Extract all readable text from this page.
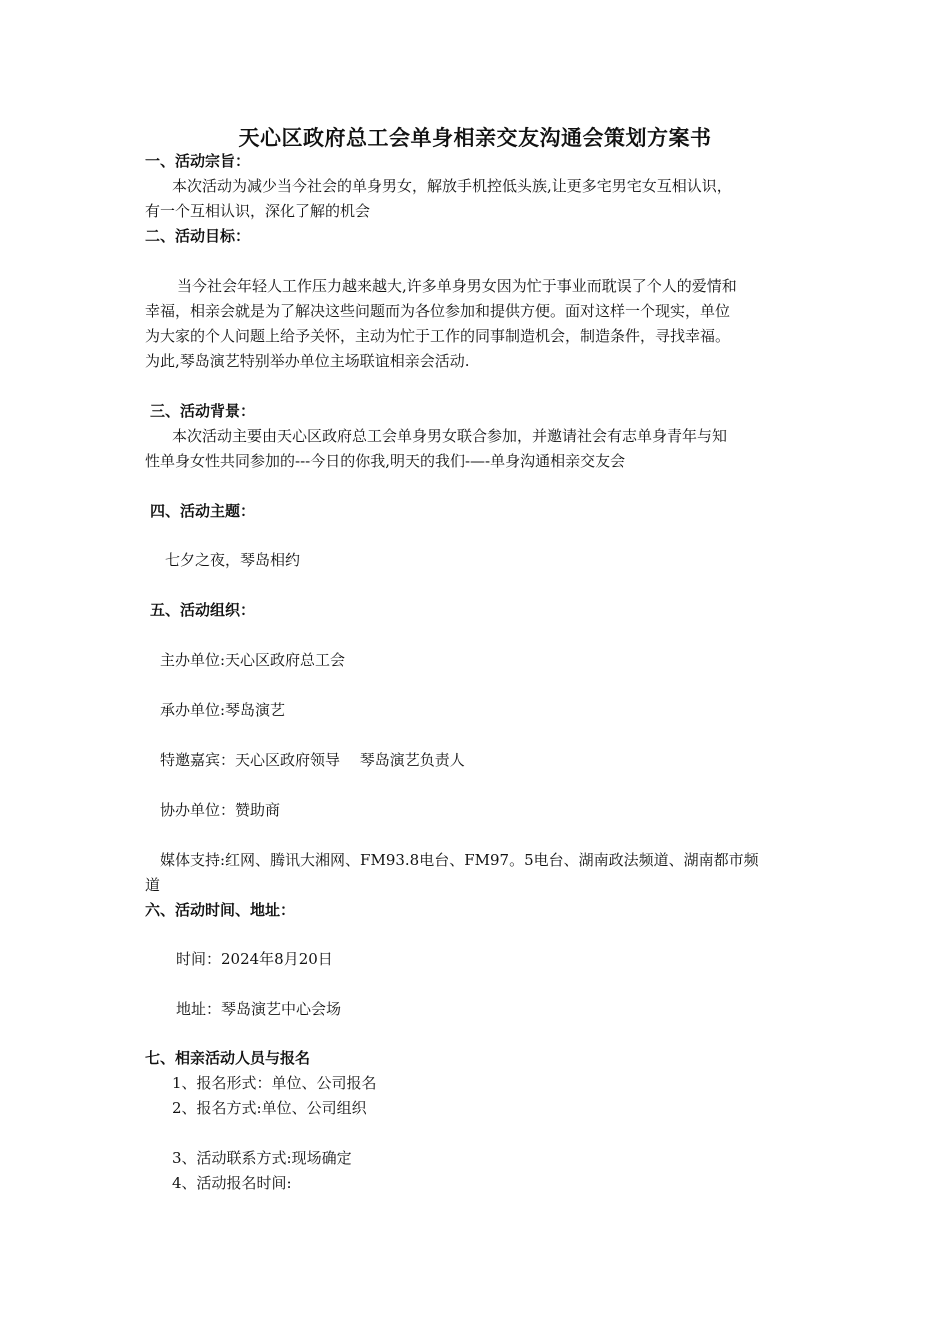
天心区政府总工会单身相亲交友沟通会策划方案书
一、活动宗旨：
本次活动为减少当今社会的单身男女，解放手机控低头族,让更多宅男宅女互相认识，
有一个互相认识，深化了解的机会
二、活动目标：
当今社会年轻人工作压力越来越大,许多单身男女因为忙于事业而耽误了个人的爱情和
幸福，相亲会就是为了解决这些问题而为各位参加和提供方便。面对这样一个现实，单位
为大家的个人问题上给予关怀，主动为忙于工作的同事制造机会，制造条件，寻找幸福。
为此,琴岛演艺特别举办单位主场联谊相亲会活动.
三、活动背景：
本次活动主要由天心区政府总工会单身男女联合参加，并邀请社会有志单身青年与知
性单身女性共同参加的---今日的你我,明天的我们-—-单身沟通相亲交友会
四、活动主题：
七夕之夜，琴岛相约
五、活动组织：
主办单位:天心区政府总工会
承办单位:琴岛演艺
特邀嘉宾：天心区政府领导　 琴岛演艺负责人
协办单位：赞助商
媒体支持:红网、腾讯大湘网、FM93.8电台、FM97。5电台、湖南政法频道、湖南都市频
道
六、活动时间、地址：
时间：2024年8月20日
地址：琴岛演艺中心会场
七、相亲活动人员与报名
1、报名形式：单位、公司报名
2、报名方式:单位、公司组织
3、活动联系方式:现场确定
4、活动报名时间:
